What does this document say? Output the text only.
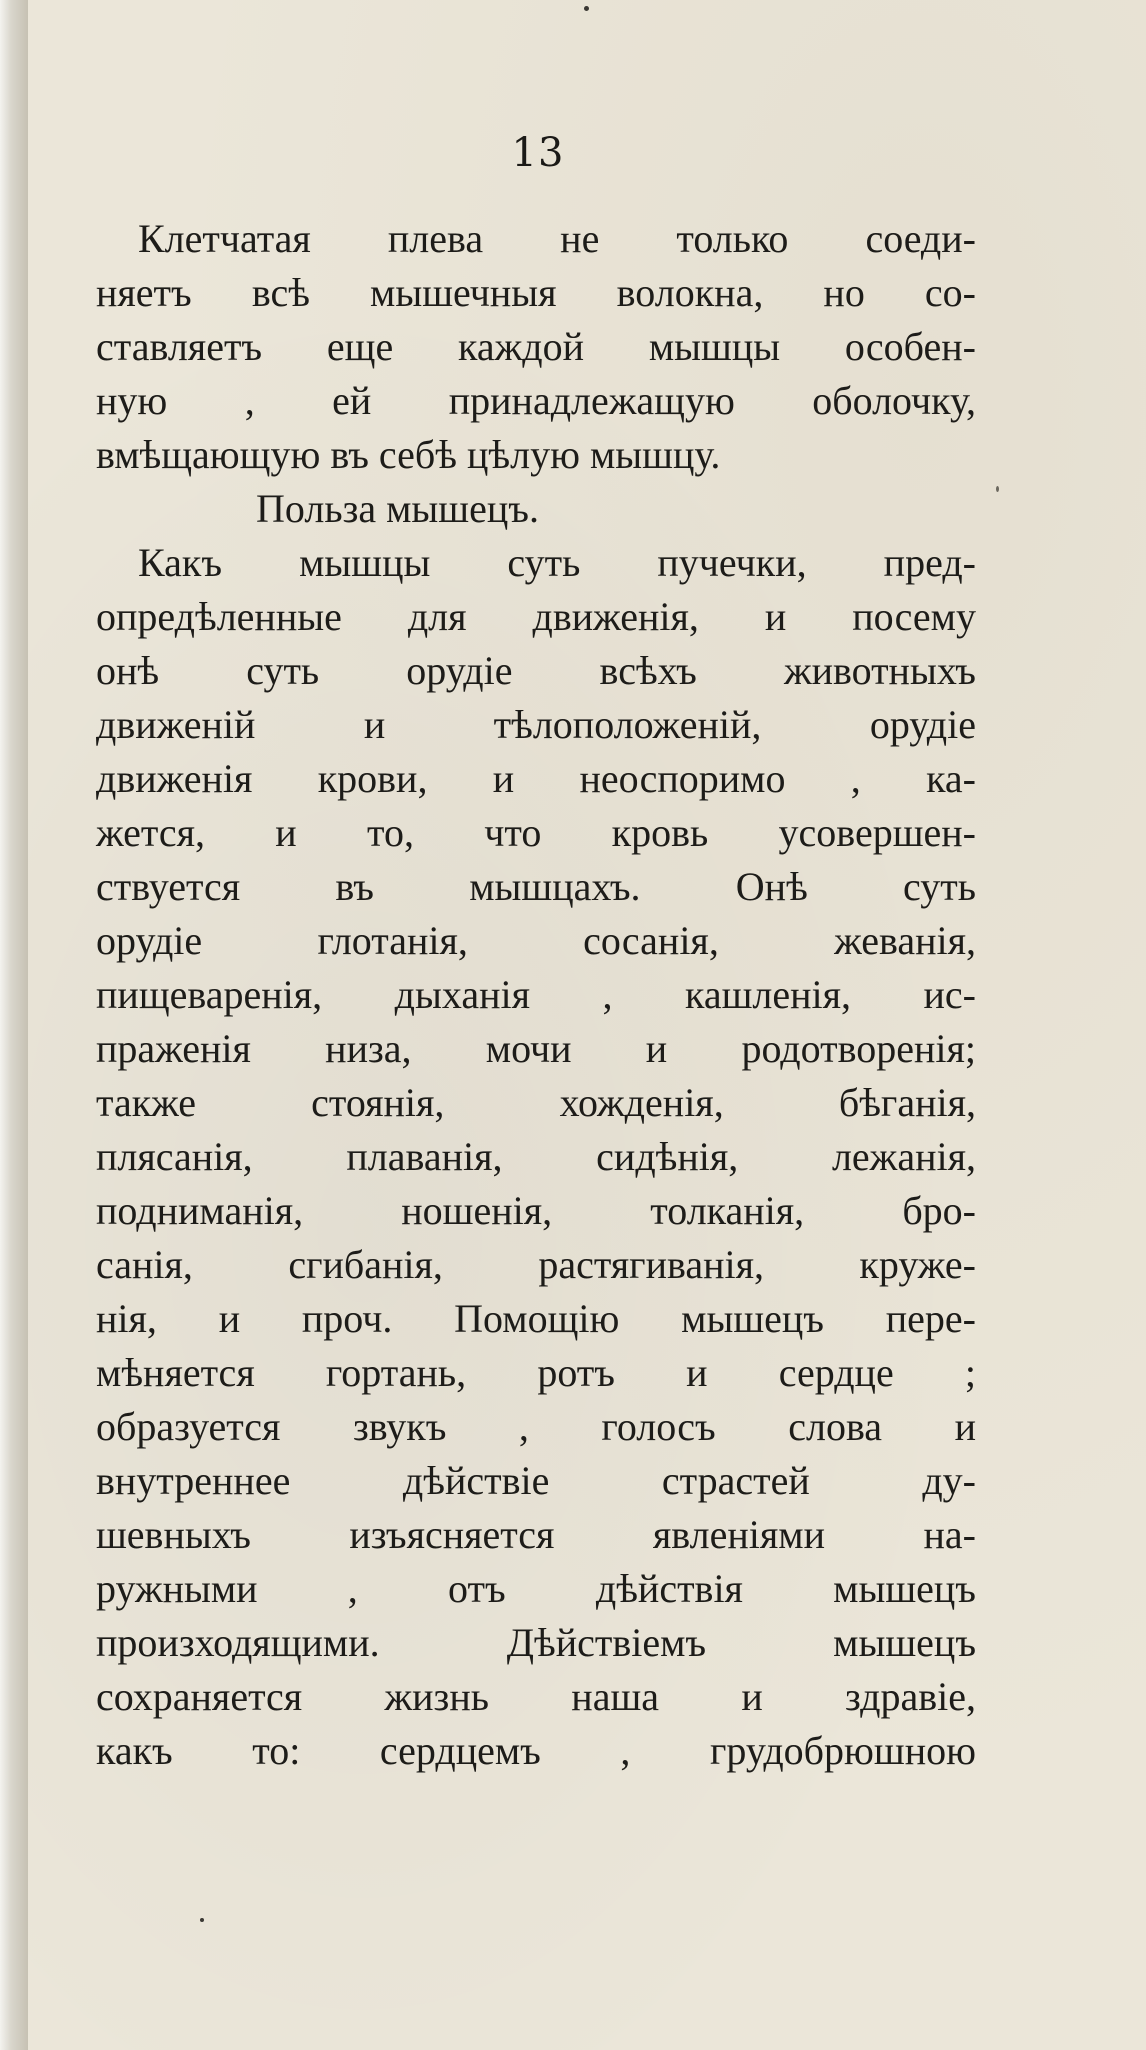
13
Клетчатая плева не только соеди-
няетъ всѣ мышечныя волокна, но со-
ставляетъ еще каждой мышцы особен-
ную , ей принадлежащую оболочку,
вмѣщающую въ себѣ цѣлую мышцу.
Польза мышецъ.
Какъ мышцы суть пучечки, пред-
опредѣленные для движенія, и посему
онѣ суть орудіе всѣхъ животныхъ
движеній и тѣлоположеній, орудіе
движенія крови, и неоспоримо , ка-
жется, и то, что кровь усовершен-
ствуется въ мышцахъ. Онѣ суть
орудіе глотанія, сосанія, жеванія,
пищеваренія, дыханія , кашленія, ис-
праженія низа, мочи и родотворенія;
также стоянія, хожденія, бѣганія,
плясанія, плаванія, сидѣнія, лежанія,
подниманія, ношенія, толканія, бро-
санія, сгибанія, растягиванія, круже-
нія, и проч. Помощію мышецъ пере-
мѣняется гортань, ротъ и сердце ;
образуется звукъ , голосъ слова и
внутреннее дѣйствіе страстей ду-
шевныхъ изъясняется явленіями на-
ружными , отъ дѣйствія мышецъ
произходящими. Дѣйствіемъ мышецъ
сохраняется жизнь наша и здравіе,
какъ то: сердцемъ , грудобрюшною
